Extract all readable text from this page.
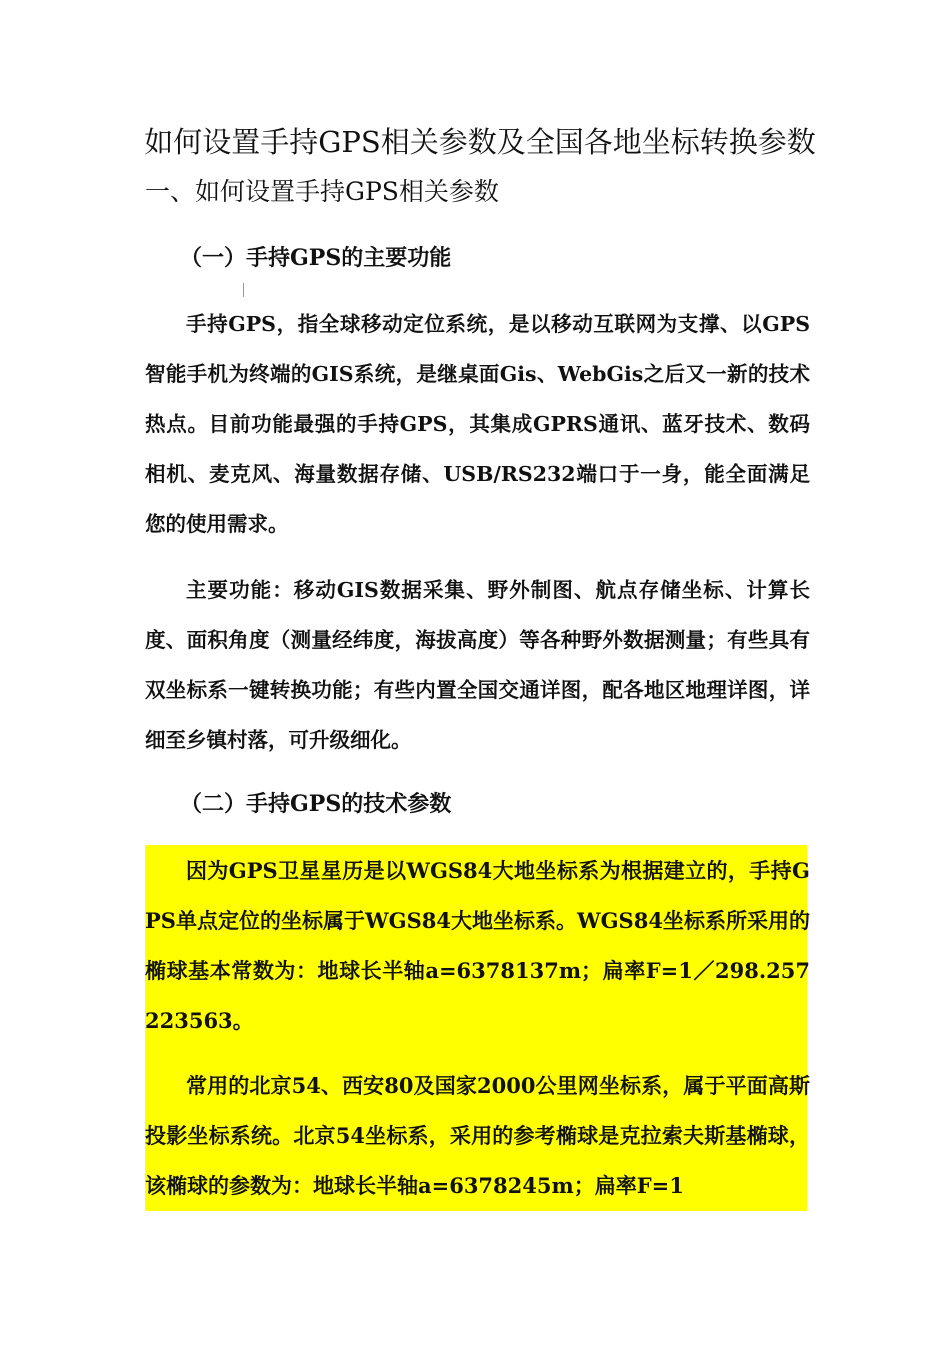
如何设置手持GPS相关参数及全国各地坐标转换参数
一、如何设置手持GPS相关参数
（一）手持GPS的主要功能
手持GPS，指全球移动定位系统，是以移动互联网为支撑、以GPS智能手机为终端的GIS系统，是继桌面Gis、WebGis之后又一新的技术热点。目前功能最强的手持GPS，其集成GPRS通讯、蓝牙技术、数码相机、麦克风、海量数据存储、USB/RS232端口于一身，能全面满足您的使用需求。
主要功能：移动GIS数据采集、野外制图、航点存储坐标、计算长度、面积角度（测量经纬度，海拔高度）等各种野外数据测量；有些具有双坐标系一键转换功能；有些内置全国交通详图，配各地区地理详图，详细至乡镇村落，可升级细化。
（二）手持GPS的技术参数
因为GPS卫星星历是以WGS84大地坐标系为根据建立的，手持GPS单点定位的坐标属于WGS84大地坐标系。WGS84坐标系所采用的椭球基本常数为：地球长半轴a=6378137m；扁率F=1／298.257223563。
常用的北京54、西安80及国家2000公里网坐标系，属于平面高斯投影坐标系统。北京54坐标系，采用的参考椭球是克拉索夫斯基椭球，该椭球的参数为：地球长半轴a=6378245m；扁率F=1
